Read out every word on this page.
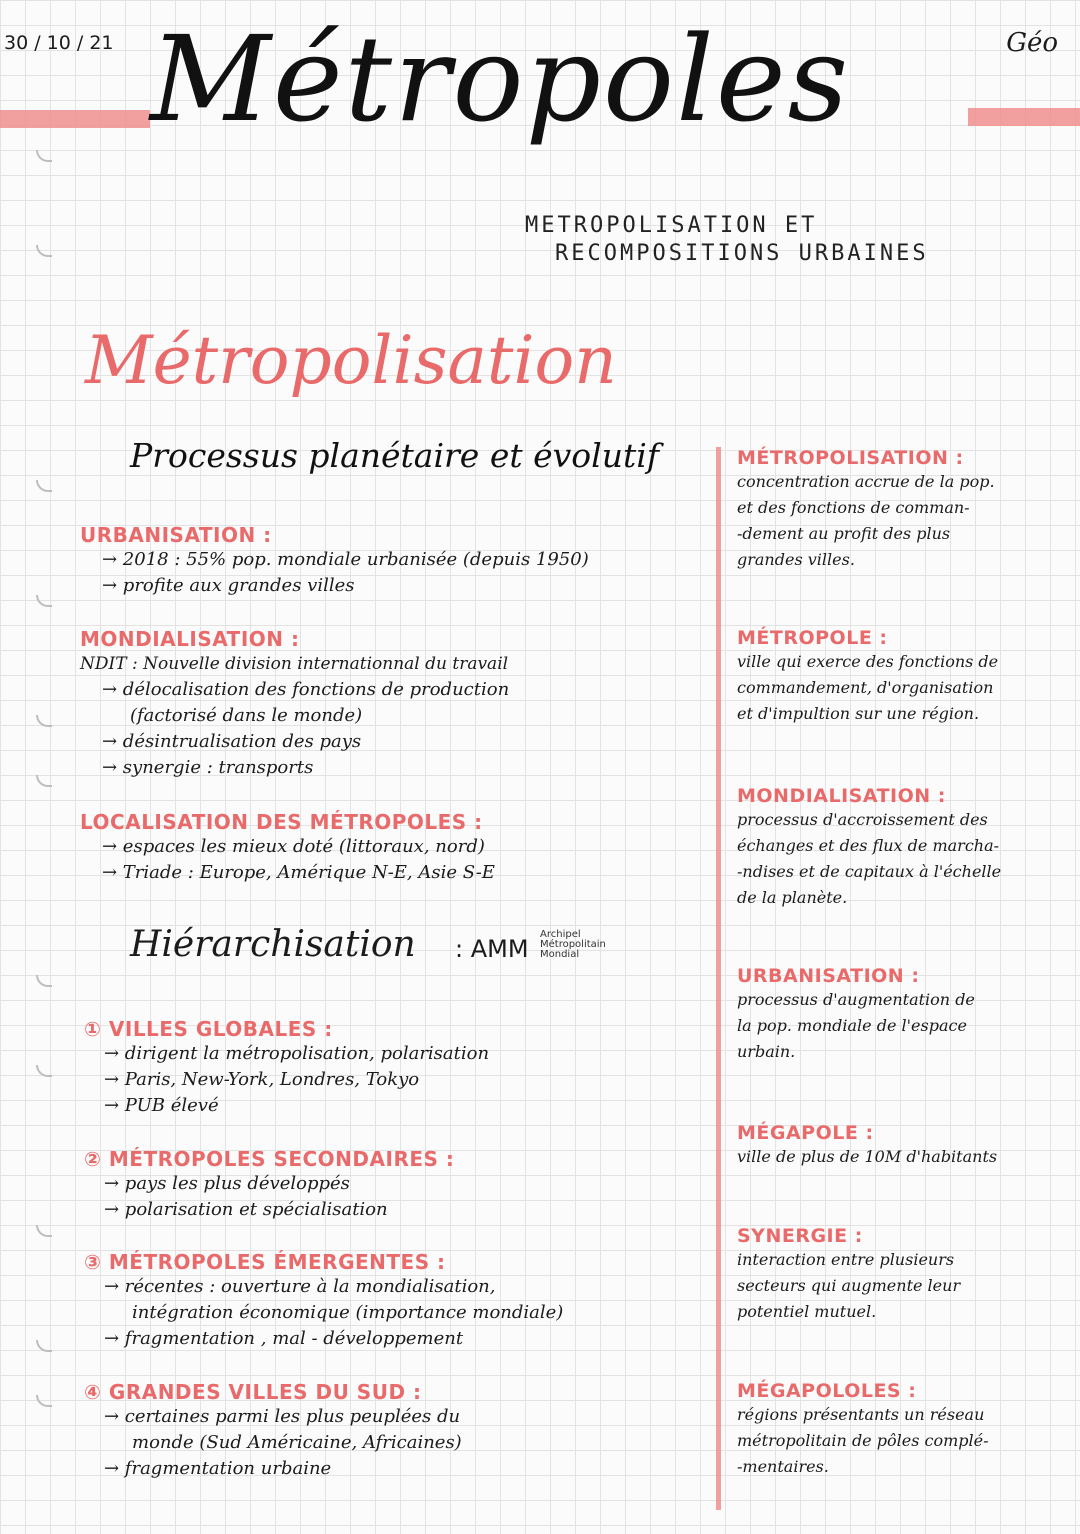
30 / 10 / 21	Géo
Métropoles
METROPOLISATION ET
RECOMPOSITIONS URBAINES
Métropolisation
Processus planétaire et évolutif
URBANISATION :
→ 2018 : 55% pop. mondiale urbanisée (depuis 1950)
→ profite aux grandes villes
MONDIALISATION :
NDIT : Nouvelle division internationnal du travail
→ délocalisation des fonctions de production
(factorisé dans le monde)
→ désintrualisation des pays
→ synergie : transports
LOCALISATION DES MÉTROPOLES :
→ espaces les mieux doté (littoraux, nord)
→ Triade : Europe, Amérique N-E, Asie S-E
Hiérarchisation : AMM
Archipel
Métropolitain
Mondial
① VILLES GLOBALES :
→ dirigent la métropolisation, polarisation
→ Paris, New-York, Londres, Tokyo
→ PUB élevé
② MÉTROPOLES SECONDAIRES :
→ pays les plus développés
→ polarisation et spécialisation
③ MÉTROPOLES ÉMERGENTES :
→ récentes : ouverture à la mondialisation,
intégration économique (importance mondiale)
→ fragmentation , mal - développement
④ GRANDES VILLES DU SUD :
→ certaines parmi les plus peuplées du
monde (Sud Américaine, Africaines)
→ fragmentation urbaine
MÉTROPOLISATION :
concentration accrue de la pop.
et des fonctions de comman-
-dement au profit des plus
grandes villes.
MÉTROPOLE :
ville qui exerce des fonctions de
commandement, d'organisation
et d'impultion sur une région.
MONDIALISATION :
processus d'accroissement des
échanges et des flux de marcha-
-ndises et de capitaux à l'échelle
de la planète.
URBANISATION :
processus d'augmentation de
la pop. mondiale de l'espace
urbain.
MÉGAPOLE :
ville de plus de 10M d'habitants
SYNERGIE :
interaction entre plusieurs
secteurs qui augmente leur
potentiel mutuel.
MÉGAPOLOLES :
régions présentants un réseau
métropolitain de pôles complé-
-mentaires.
